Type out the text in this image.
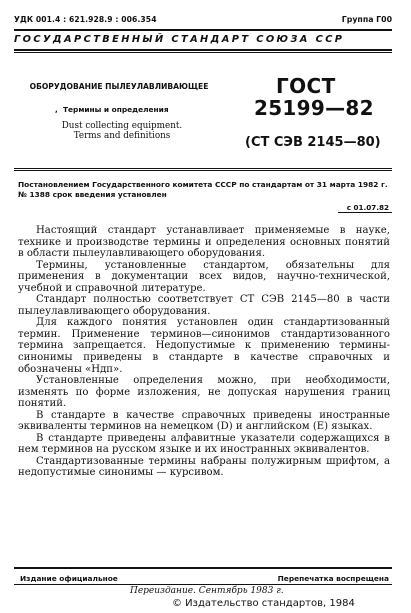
УДК 001.4 : 621.928.9 : 006.354	Группа Г00
ГОСУДАРСТВЕННЫЙ СТАНДАРТ СОЮЗА ССР
ОБОРУДОВАНИЕ ПЫЛЕУЛАВЛИВАЮЩЕЕ
,  Термины и определения
Dust collecting equipment.
Terms and definitions
ГОСТ
25199—82
(СТ СЭВ 2145—80)
Постановлением Государственного комитета СССР по стандартам от 31 марта 1982 г. № 1388 срок введения установлен
с 01.07.82

Настоящий стандарт устанавливает применяемые в науке, технике и производстве термины и определения основных понятий в области пылеулавливающего оборудования.

Термины, установленные стандартом, обязательны для применения в документации всех видов, научно-технической, учебной и справочной литературе.

Стандарт полностью соответствует СТ СЭВ 2145—80 в части пылеулавливающего оборудования.

Для каждого понятия установлен один стандартизованный термин. Применение терминов—синонимов стандартизованного термина запрещается. Недопустимые к применению термины-синонимы приведены в стандарте в качестве справочных и обозначены «Ндп».

Установленные определения можно, при необходимости, изменять по форме изложения, не допуская нарушения границ понятий.

В стандарте в качестве справочных приведены иностранные эквиваленты терминов на немецком (D) и английском (E) языках.

В стандарте приведены алфавитные указатели содержащихся в нем терминов на русском языке и их иностранных эквивалентов.

Стандартизованные термины набраны полужирным шрифтом, а недопустимые синонимы — курсивом.

Издание официальное	Перепечатка воспрещена
Переиздание. Сентябрь 1983 г.
© Издательство стандартов, 1984
